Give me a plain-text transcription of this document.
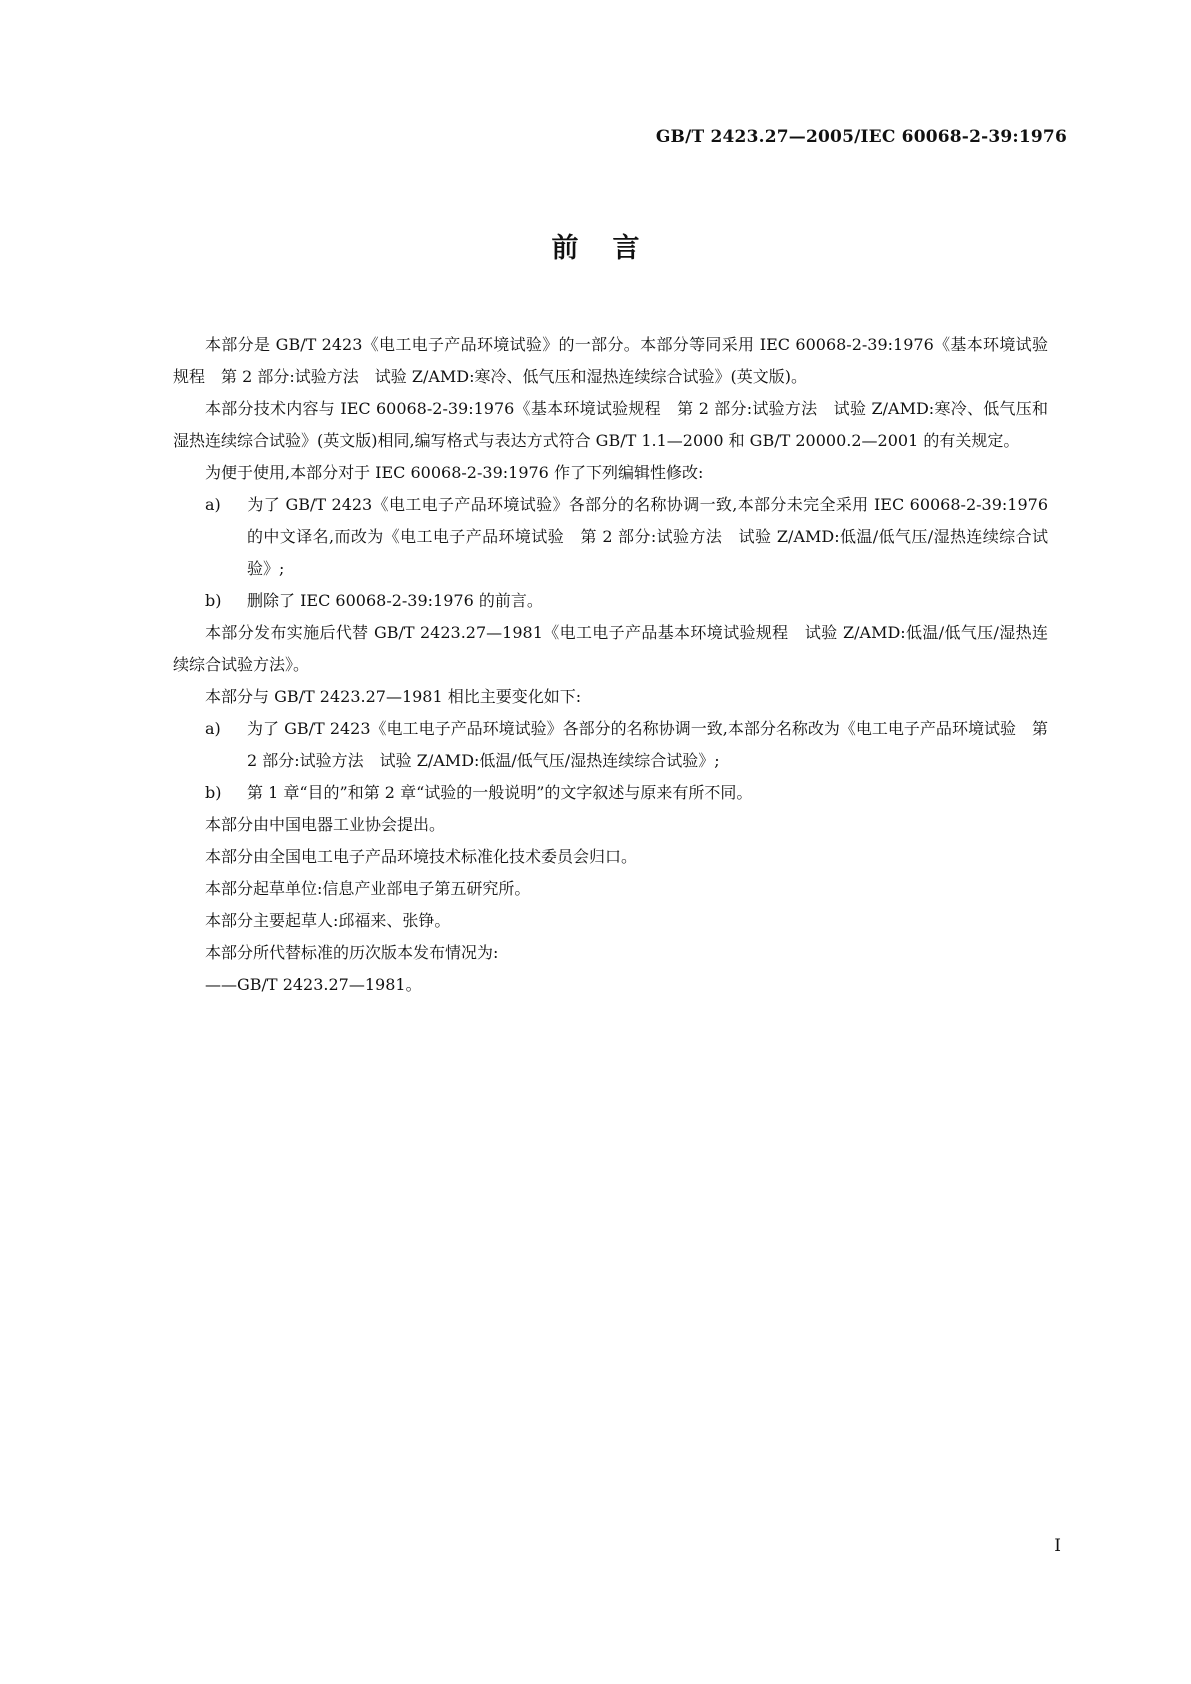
GB/T 2423.27—2005/IEC 60068-2-39:1976
前言

本部分是 GB/T 2423《电工电子产品环境试验》的一部分。本部分等同采用 IEC 60068-2-39:1976《基本环境试验规程　第 2 部分:试验方法　试验 Z/AMD:寒冷、低气压和湿热连续综合试验》(英文版)。

本部分技术内容与 IEC 60068-2-39:1976《基本环境试验规程　第 2 部分:试验方法　试验 Z/AMD:寒冷、低气压和湿热连续综合试验》(英文版)相同,编写格式与表达方式符合 GB/T 1.1—2000 和 GB/T 20000.2—2001 的有关规定。

为便于使用,本部分对于 IEC 60068-2-39:1976 作了下列编辑性修改:

a) 为了 GB/T 2423《电工电子产品环境试验》各部分的名称协调一致,本部分未完全采用 IEC 60068-2-39:1976 的中文译名,而改为《电工电子产品环境试验　第 2 部分:试验方法　试验 Z/AMD:低温/低气压/湿热连续综合试验》;

b) 删除了 IEC 60068-2-39:1976 的前言。

本部分发布实施后代替 GB/T 2423.27—1981《电工电子产品基本环境试验规程　试验 Z/AMD:低温/低气压/湿热连续综合试验方法》。

本部分与 GB/T 2423.27—1981 相比主要变化如下:

a) 为了 GB/T 2423《电工电子产品环境试验》各部分的名称协调一致,本部分名称改为《电工电子产品环境试验　第 2 部分:试验方法　试验 Z/AMD:低温/低气压/湿热连续综合试验》;

b) 第 1 章“目的”和第 2 章“试验的一般说明”的文字叙述与原来有所不同。

本部分由中国电器工业协会提出。

本部分由全国电工电子产品环境技术标准化技术委员会归口。

本部分起草单位:信息产业部电子第五研究所。

本部分主要起草人:邱福来、张铮。

本部分所代替标准的历次版本发布情况为:

——GB/T 2423.27—1981。

I
